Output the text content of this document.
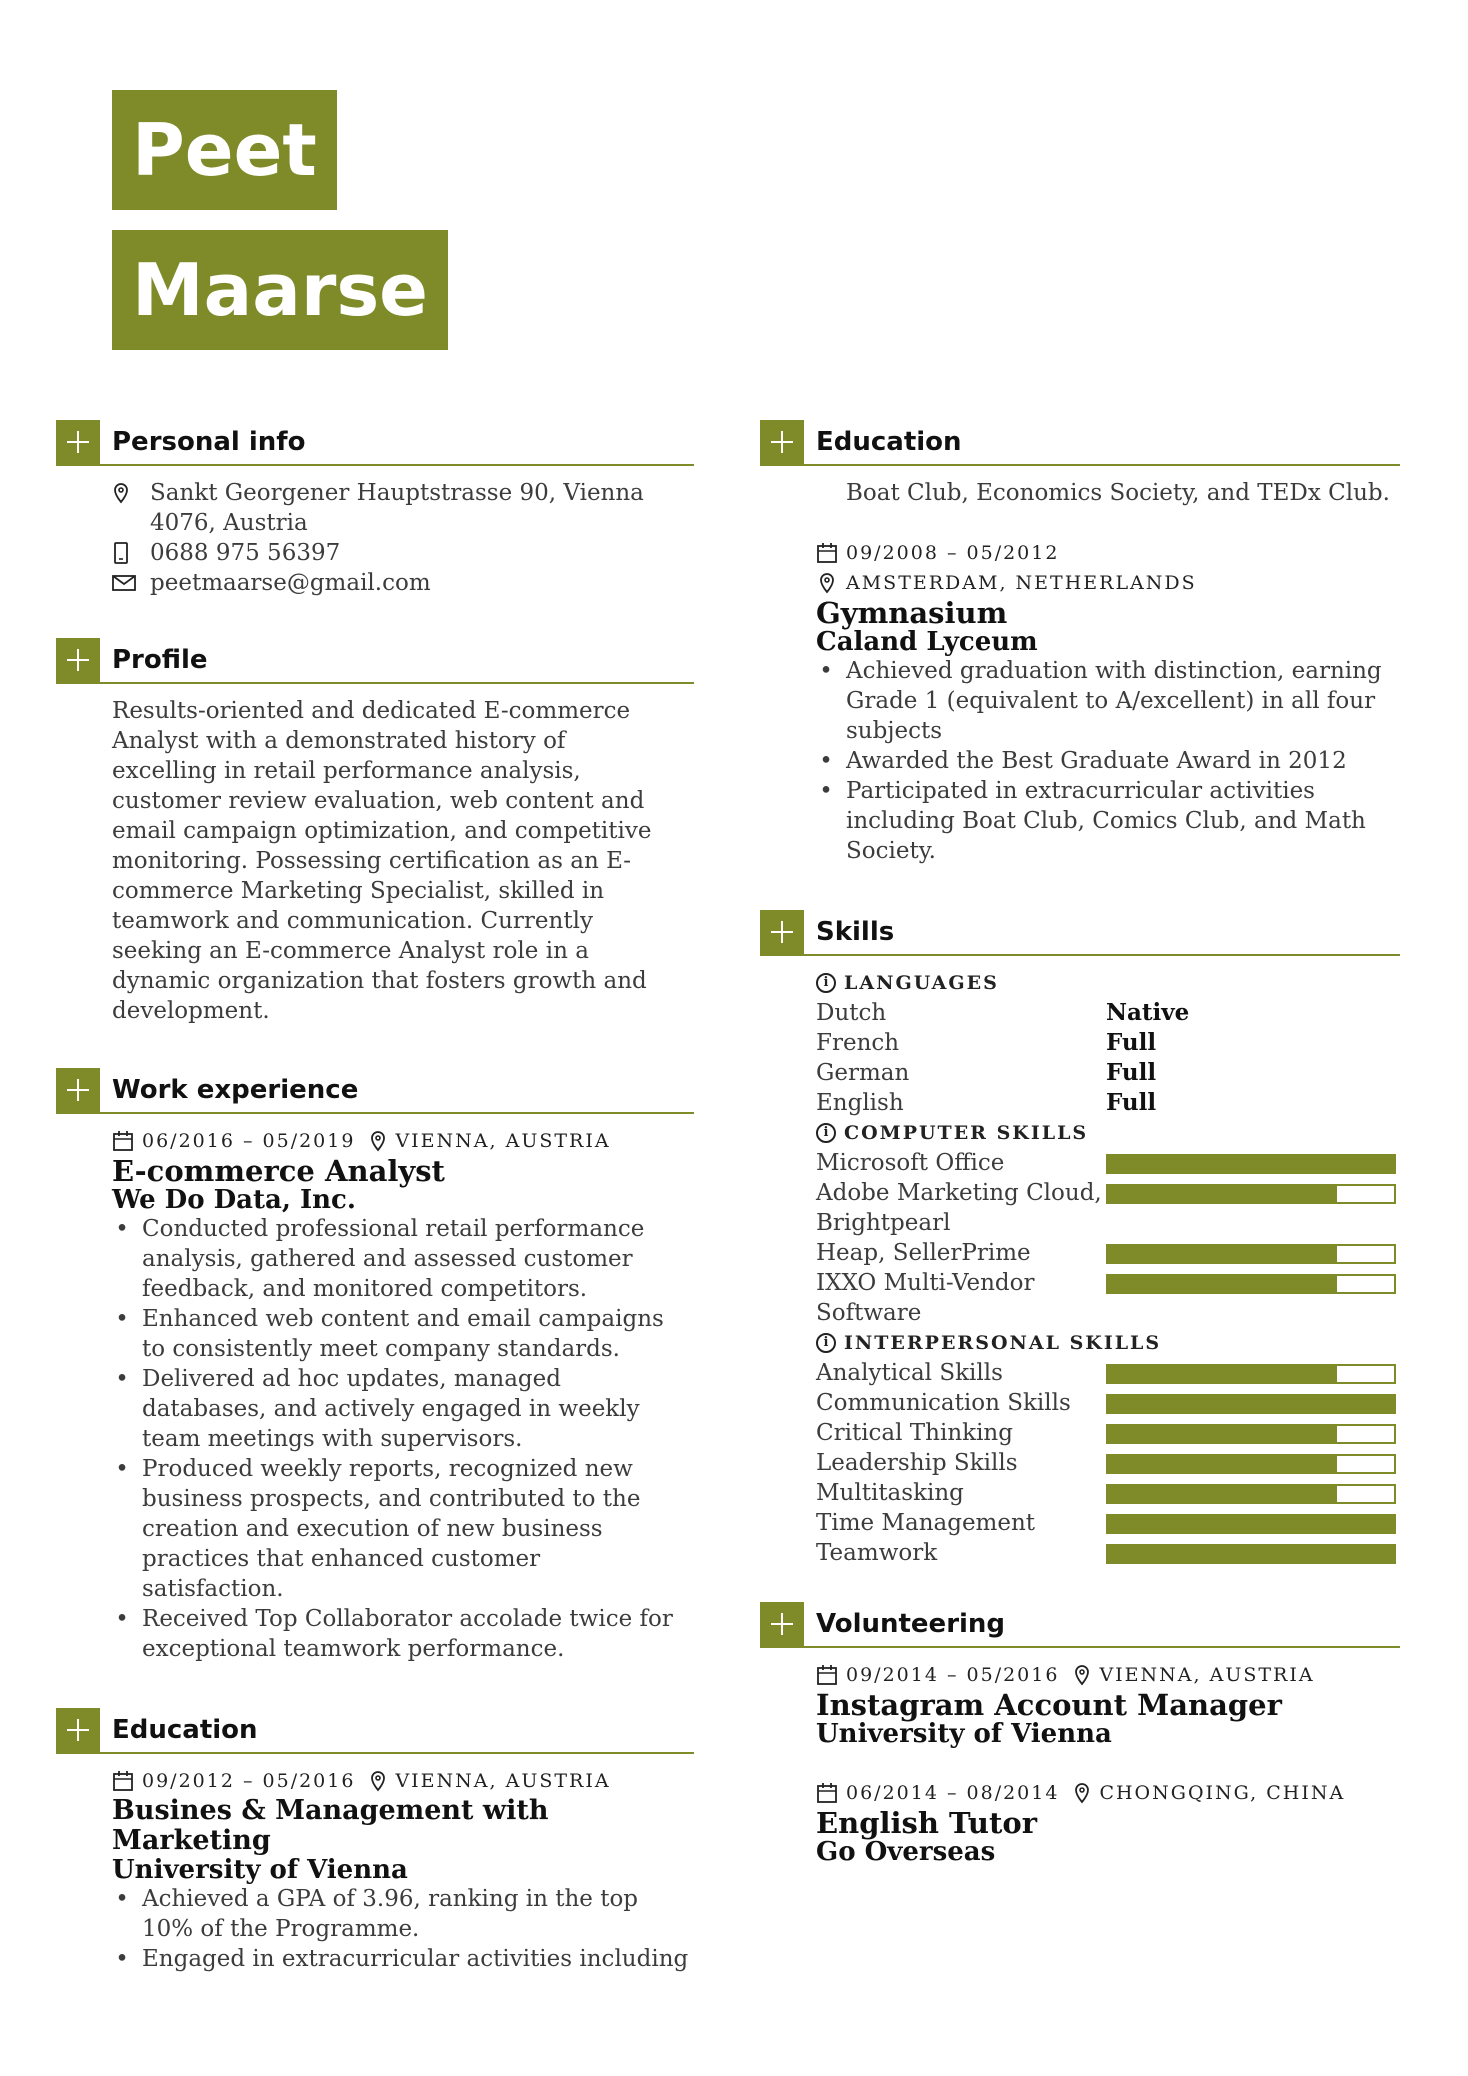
Peet
Maarse
Personal info
Sankt Georgener Hauptstrasse 90, Vienna 4076, Austria
0688 975 56397
peetmaarse@gmail.com
Profile
Results-oriented and dedicated E-commerce Analyst with a demonstrated history of excelling in retail performance analysis, customer review evaluation, web content and email campaign optimization, and competitive monitoring. Possessing certification as an E-commerce Marketing Specialist, skilled in teamwork and communication. Currently seeking an E-commerce Analyst role in a dynamic organization that fosters growth and development.
Work experience
06/2016 – 05/2019 VIENNA, AUSTRIA
E-commerce Analyst
We Do Data, Inc.
• Conducted professional retail performance analysis, gathered and assessed customer feedback, and monitored competitors.
• Enhanced web content and email campaigns to consistently meet company standards.
• Delivered ad hoc updates, managed databases, and actively engaged in weekly team meetings with supervisors.
• Produced weekly reports, recognized new business prospects, and contributed to the creation and execution of new business practices that enhanced customer satisfaction.
• Received Top Collaborator accolade twice for exceptional teamwork performance.
Education
09/2012 – 05/2016 VIENNA, AUSTRIA
Busines & Management with Marketing
University of Vienna
• Achieved a GPA of 3.96, ranking in the top 10% of the Programme.
• Engaged in extracurricular activities including
Education
Boat Club, Economics Society, and TEDx Club.
09/2008 – 05/2012
AMSTERDAM, NETHERLANDS
Gymnasium
Caland Lyceum
• Achieved graduation with distinction, earning Grade 1 (equivalent to A/excellent) in all four subjects
• Awarded the Best Graduate Award in 2012
• Participated in extracurricular activities including Boat Club, Comics Club, and Math Society.
Skills
i LANGUAGES
Dutch	Native
French	Full
German	Full
English	Full
i COMPUTER SKILLS
Microsoft Office
Adobe Marketing Cloud, Brightpearl
Heap, SellerPrime
IXXO Multi-Vendor Software
i INTERPERSONAL SKILLS
Analytical Skills
Communication Skills
Critical Thinking
Leadership Skills
Multitasking
Time Management
Teamwork
Volunteering
09/2014 – 05/2016 VIENNA, AUSTRIA
Instagram Account Manager
University of Vienna
06/2014 – 08/2014 CHONGQING, CHINA
English Tutor
Go Overseas
